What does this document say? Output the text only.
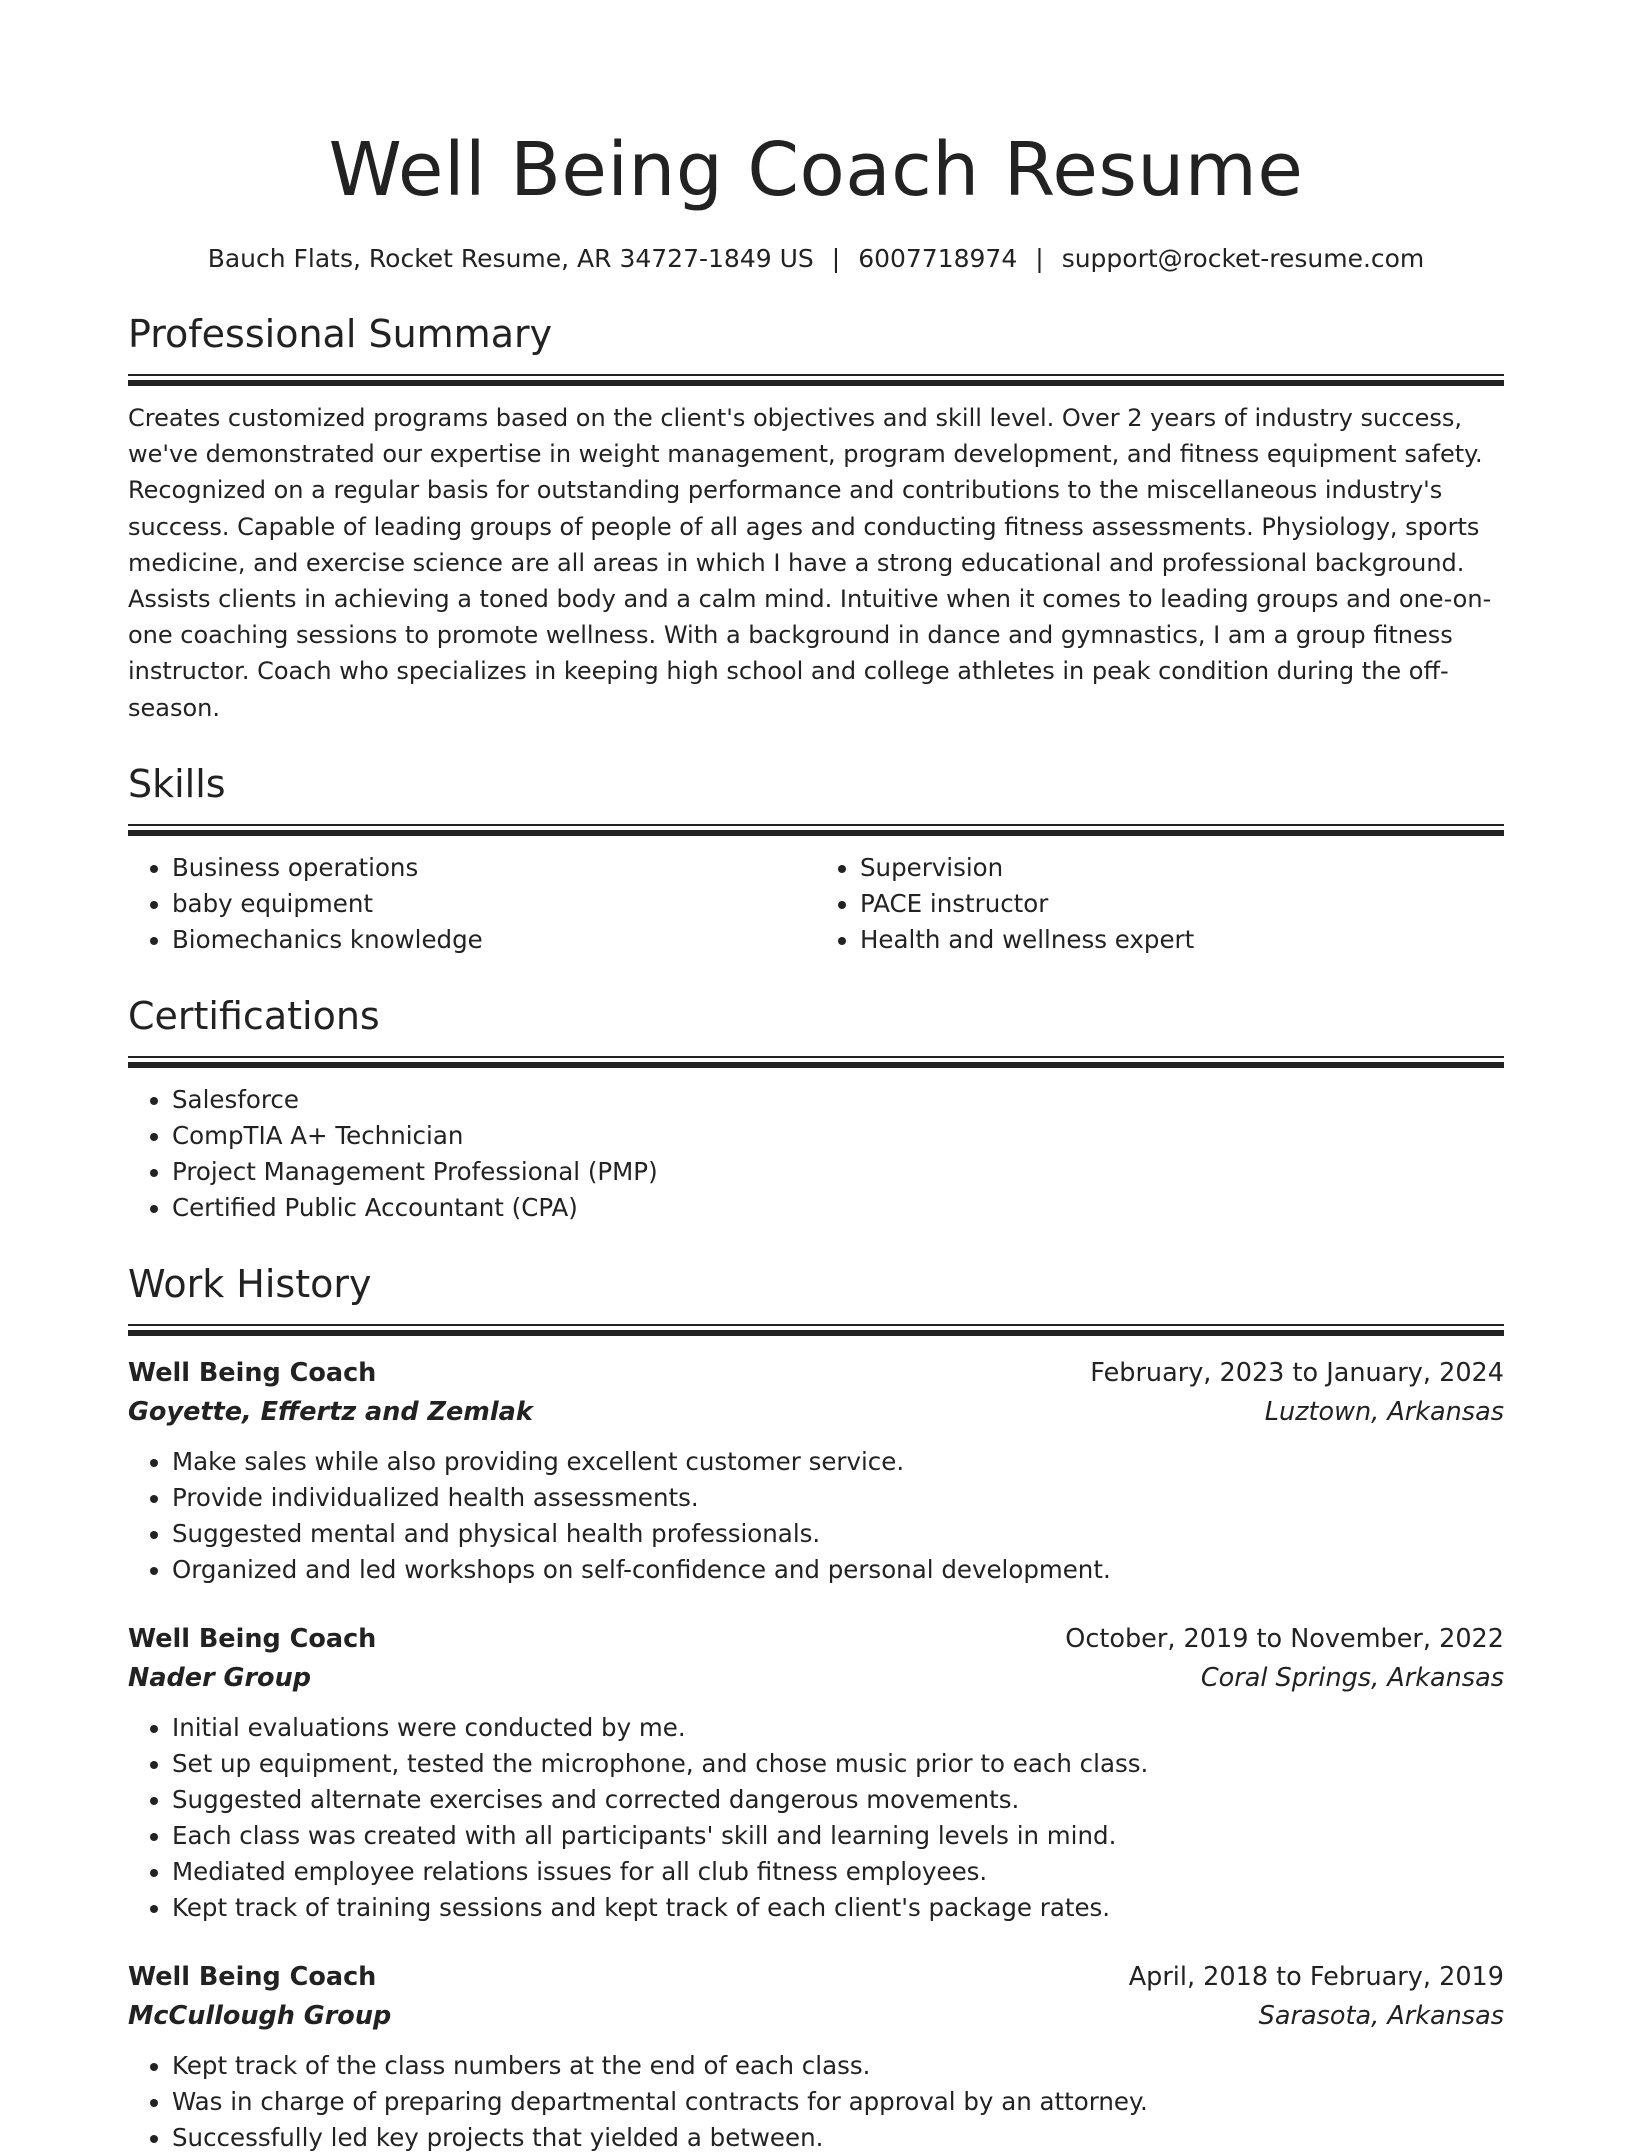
Well Being Coach Resume
Bauch Flats, Rocket Resume, AR 34727-1849 US | 6007718974 | support@rocket-resume.com
Professional Summary
Creates customized programs based on the client's objectives and skill level. Over 2 years of industry success, we've demonstrated our expertise in weight management, program development, and fitness equipment safety. Recognized on a regular basis for outstanding performance and contributions to the miscellaneous industry's success. Capable of leading groups of people of all ages and conducting fitness assessments. Physiology, sports medicine, and exercise science are all areas in which I have a strong educational and professional background. Assists clients in achieving a toned body and a calm mind. Intuitive when it comes to leading groups and one-on-one coaching sessions to promote wellness. With a background in dance and gymnastics, I am a group fitness instructor. Coach who specializes in keeping high school and college athletes in peak condition during the off-season.
Skills
• Business operations
• baby equipment
• Biomechanics knowledge
• Supervision
• PACE instructor
• Health and wellness expert
Certifications
• Salesforce
• CompTIA A+ Technician
• Project Management Professional (PMP)
• Certified Public Accountant (CPA)
Work History
Well Being Coach	February, 2023 to January, 2024
Goyette, Effertz and Zemlak	Luztown, Arkansas
• Make sales while also providing excellent customer service.
• Provide individualized health assessments.
• Suggested mental and physical health professionals.
• Organized and led workshops on self-confidence and personal development.
Well Being Coach	October, 2019 to November, 2022
Nader Group	Coral Springs, Arkansas
• Initial evaluations were conducted by me.
• Set up equipment, tested the microphone, and chose music prior to each class.
• Suggested alternate exercises and corrected dangerous movements.
• Each class was created with all participants' skill and learning levels in mind.
• Mediated employee relations issues for all club fitness employees.
• Kept track of training sessions and kept track of each client's package rates.
Well Being Coach	April, 2018 to February, 2019
McCullough Group	Sarasota, Arkansas
• Kept track of the class numbers at the end of each class.
• Was in charge of preparing departmental contracts for approval by an attorney.
• Successfully led key projects that yielded a between.
